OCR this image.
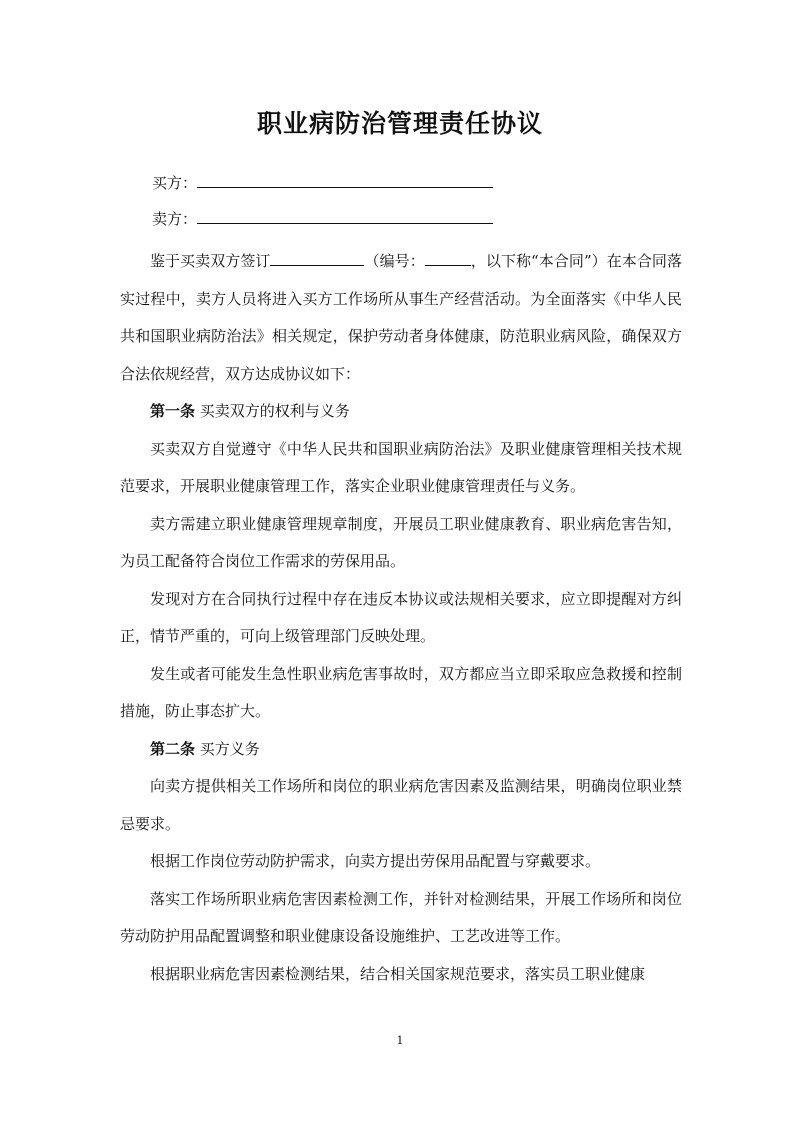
职业病防治管理责任协议
买方：
卖方：

鉴于买卖双方签订	（编号：	，以下称“本合同”）在本合同落实过程中，卖方人员将进入买方工作场所从事生产经营活动。为全面落实《中华人民共和国职业病防治法》相关规定，保护劳动者身体健康，防范职业病风险，确保双方合法依规经营，双方达成协议如下：

第一条 买卖双方的权利与义务

买卖双方自觉遵守《中华人民共和国职业病防治法》及职业健康管理相关技术规范要求，开展职业健康管理工作，落实企业职业健康管理责任与义务。

卖方需建立职业健康管理规章制度，开展员工职业健康教育、职业病危害告知，为员工配备符合岗位工作需求的劳保用品。

发现对方在合同执行过程中存在违反本协议或法规相关要求，应立即提醒对方纠正，情节严重的，可向上级管理部门反映处理。

发生或者可能发生急性职业病危害事故时，双方都应当立即采取应急救援和控制措施，防止事态扩大。

第二条 买方义务

向卖方提供相关工作场所和岗位的职业病危害因素及监测结果，明确岗位职业禁忌要求。

根据工作岗位劳动防护需求，向卖方提出劳保用品配置与穿戴要求。

落实工作场所职业病危害因素检测工作，并针对检测结果，开展工作场所和岗位劳动防护用品配置调整和职业健康设备设施维护、工艺改进等工作。

根据职业病危害因素检测结果，结合相关国家规范要求，落实员工职业健康

1
